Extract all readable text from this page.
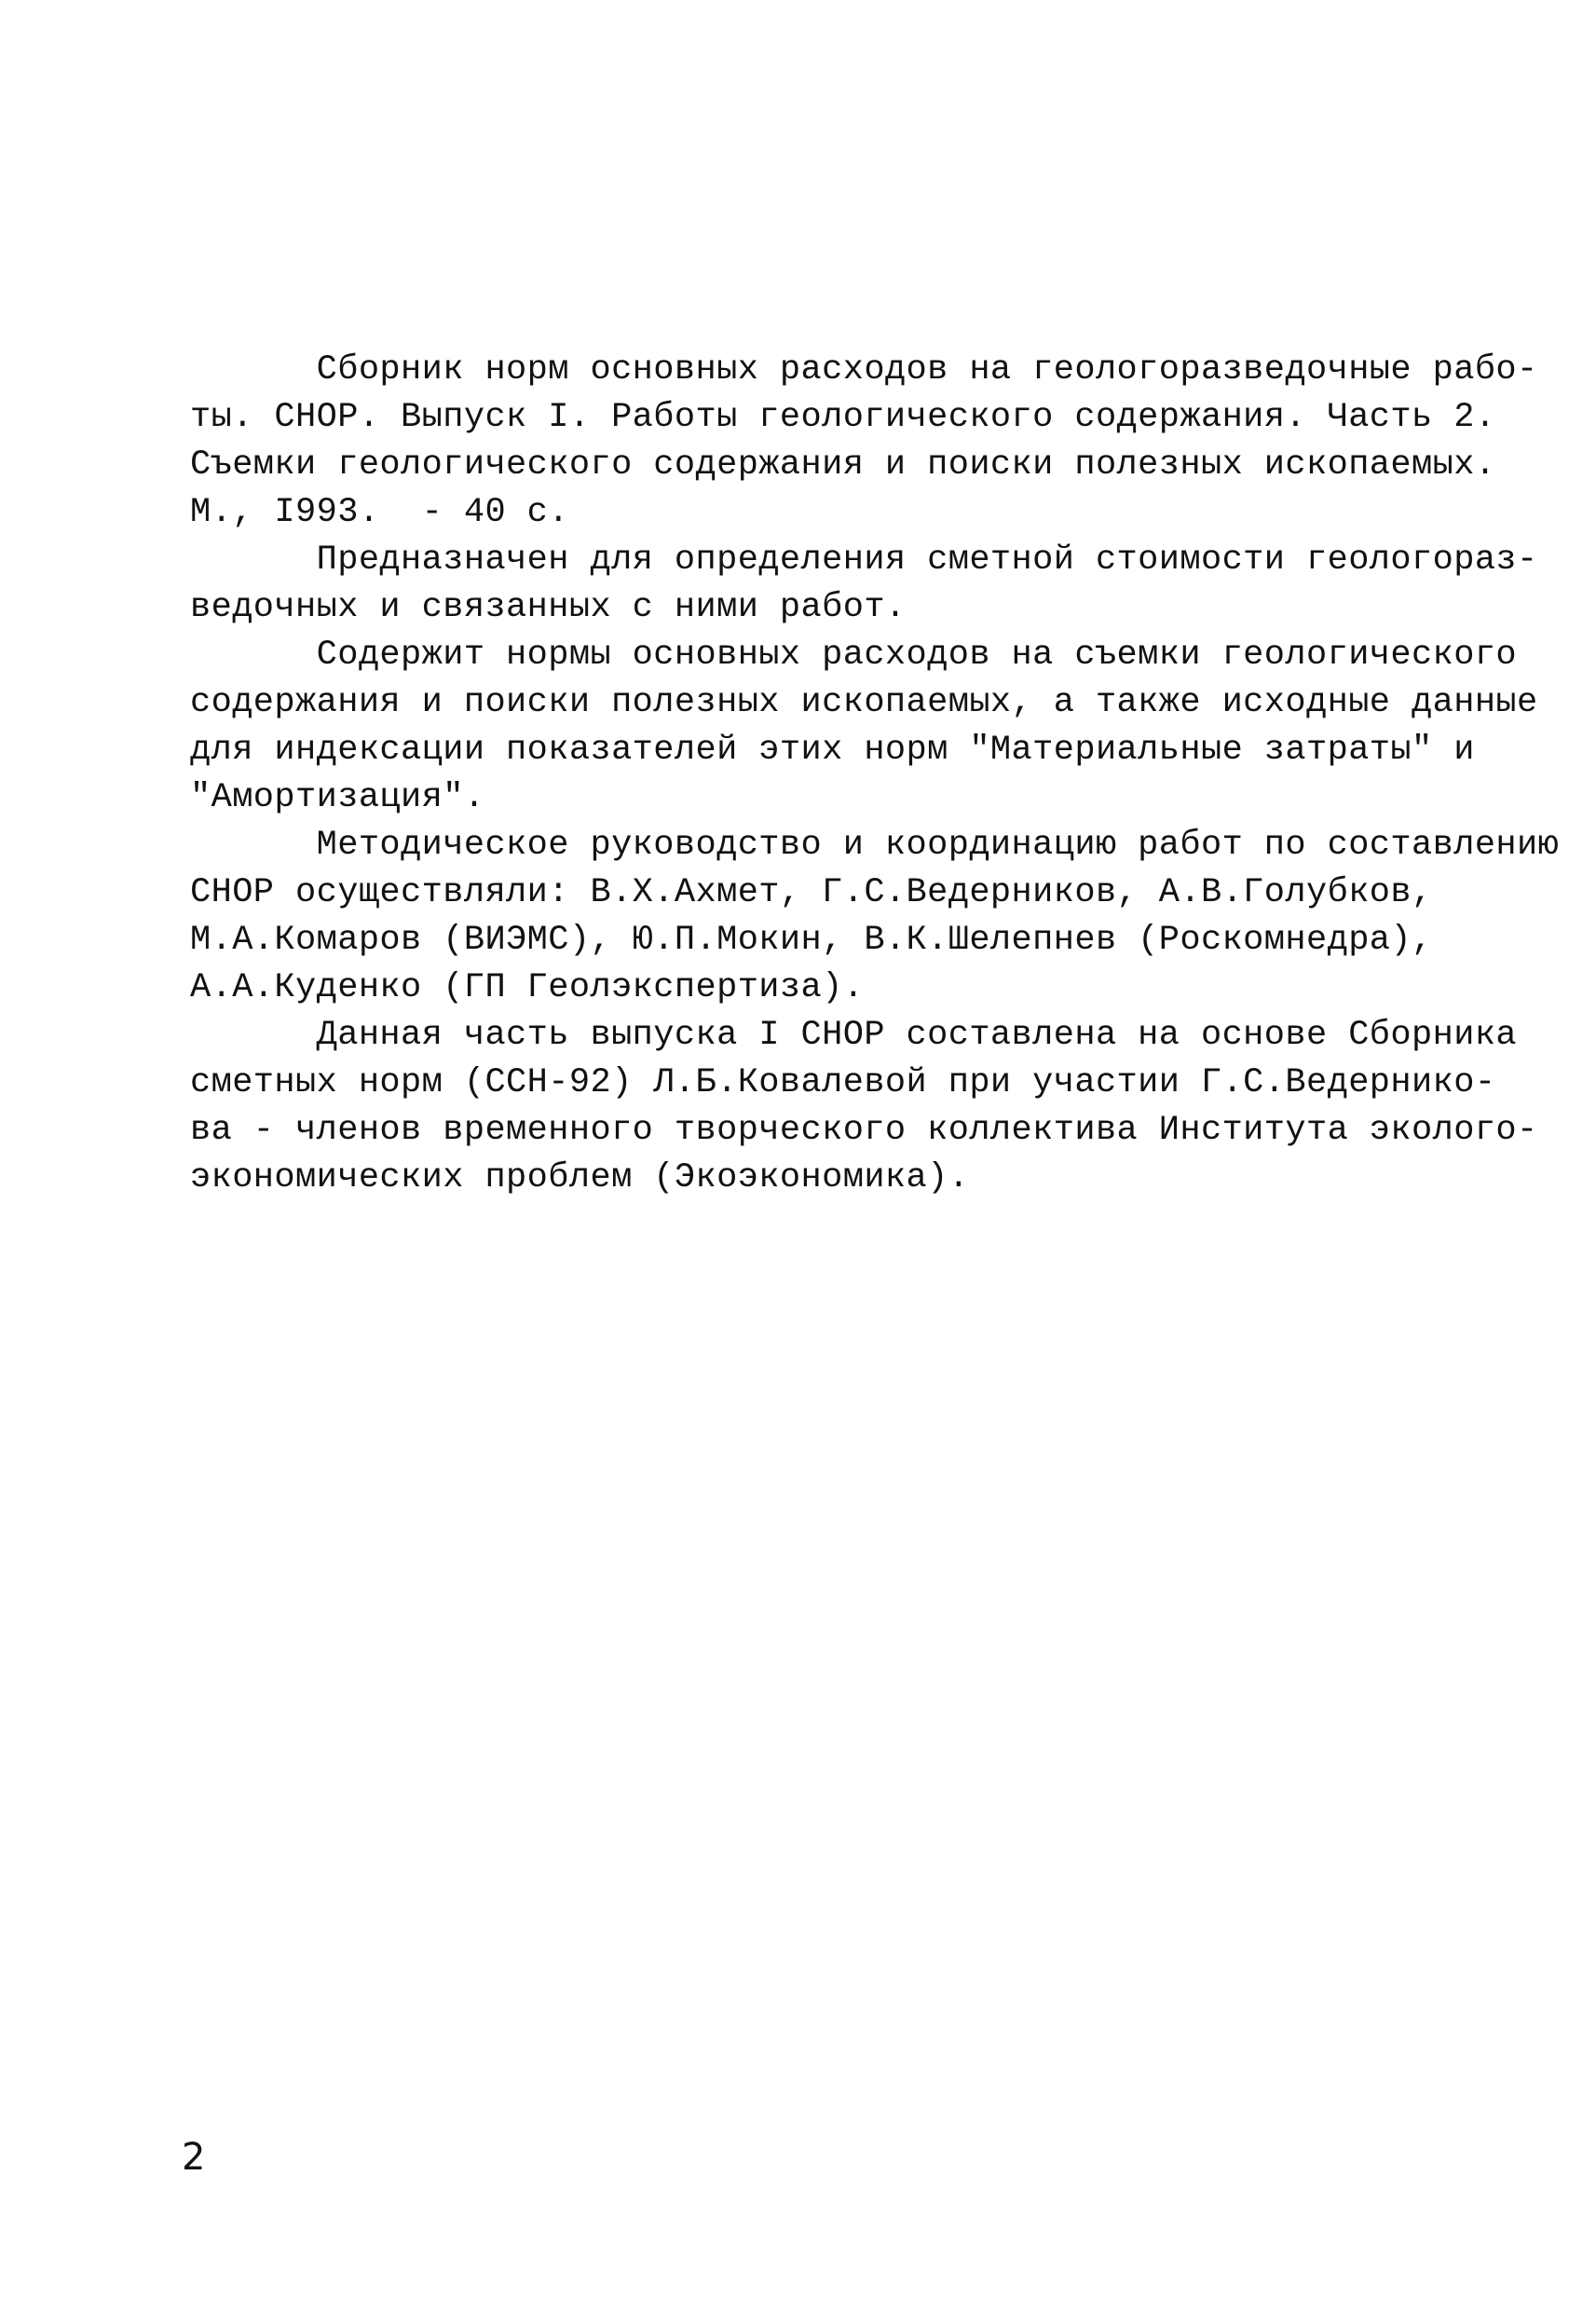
Сборник норм основных расходов на геологоразведочные рабо-
ты. СНОР. Выпуск I. Работы геологического содержания. Часть 2.
Съемки геологического содержания и поиски полезных ископаемых.
М., I993.  - 40 с.
Предназначен для определения сметной стоимости геологораз-
ведочных и связанных с ними работ.
Содержит нормы основных расходов на съемки геологического
содержания и поиски полезных ископаемых, а также исходные данные
для индексации показателей этих норм "Материальные затраты" и
"Амортизация".
Методическое руководство и координацию работ по составлению
СНОР осуществляли: В.Х.Ахмет, Г.С.Ведерников, А.В.Голубков,
М.А.Комаров (ВИЭМС), Ю.П.Мокин, В.К.Шелепнев (Роскомнедра),
А.А.Куденко (ГП Геолэкспертиза).
Данная часть выпуска I СНОР составлена на основе Сборника
сметных норм (ССН-92) Л.Б.Ковалевой при участии Г.С.Ведерникo-
ва - членов временного творческого коллектива Института эколого-
экономических проблем (Экоэкономика).
2
